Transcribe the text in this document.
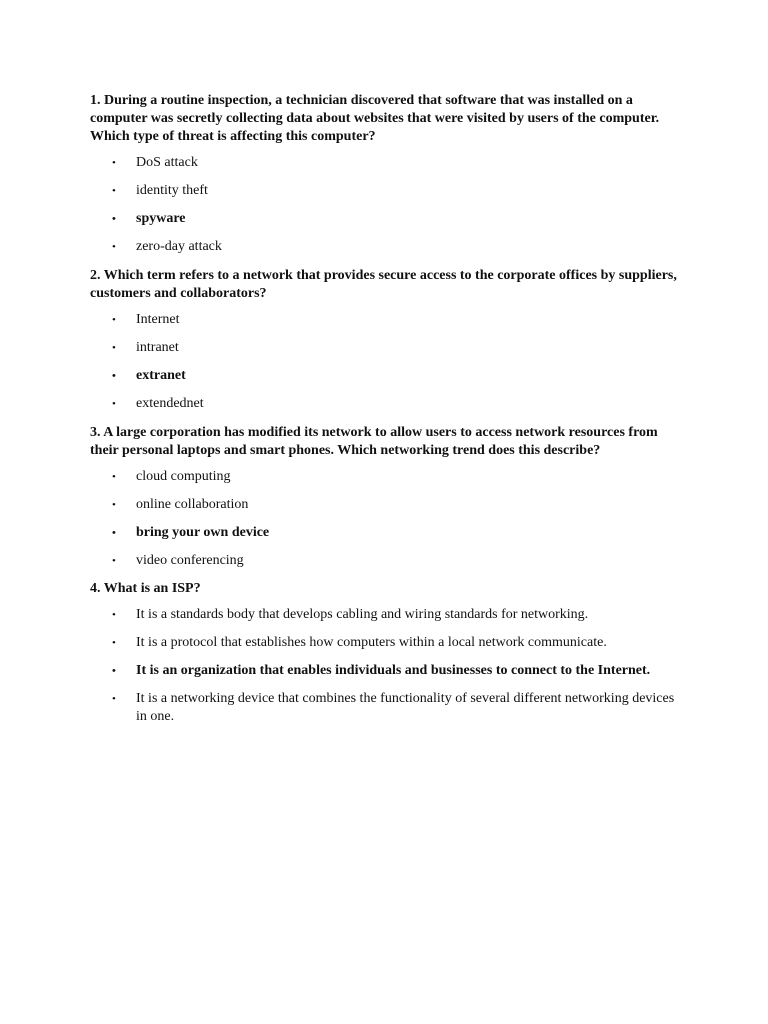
1. During a routine inspection, a technician discovered that software that was installed on a computer was secretly collecting data about websites that were visited by users of the computer. Which type of threat is affecting this computer?

• DoS attack
• identity theft
• spyware
• zero-day attack

2. Which term refers to a network that provides secure access to the corporate offices by suppliers, customers and collaborators?

• Internet
• intranet
• extranet
• extendednet

3. A large corporation has modified its network to allow users to access network resources from their personal laptops and smart phones. Which networking trend does this describe?

• cloud computing
• online collaboration
• bring your own device
• video conferencing

4. What is an ISP?

• It is a standards body that develops cabling and wiring standards for networking.
• It is a protocol that establishes how computers within a local network communicate.
• It is an organization that enables individuals and businesses to connect to the Internet.
• It is a networking device that combines the functionality of several different networking devices in one.
